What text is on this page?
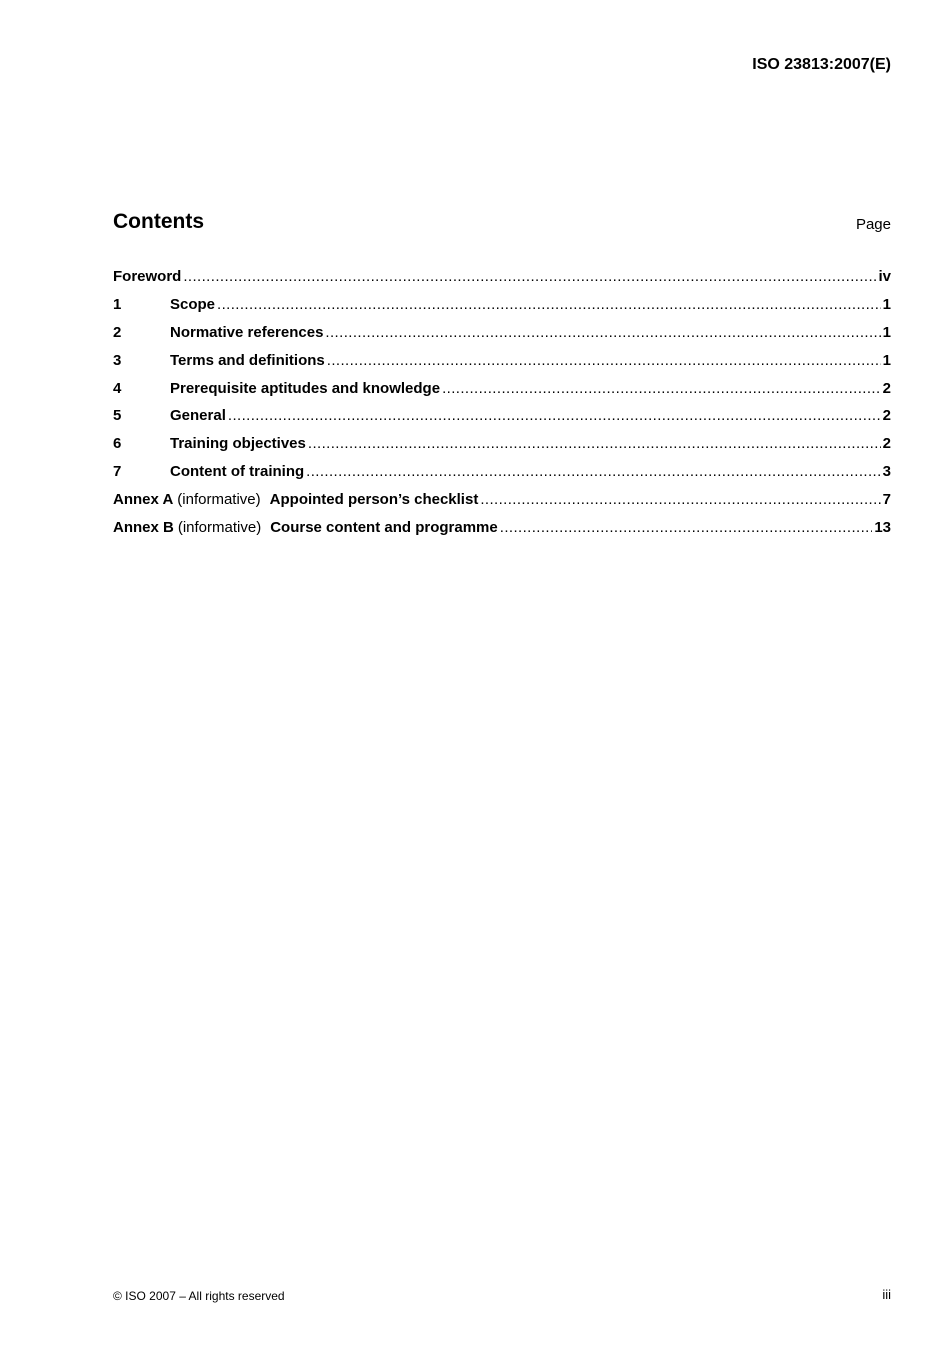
ISO 23813:2007(E)
Contents	Page
Foreword .....	iv
1	Scope .....	1
2	Normative references .....	1
3	Terms and definitions .....	1
4	Prerequisite aptitudes and knowledge .....	2
5	General .....	2
6	Training objectives .....	2
7	Content of training .....	3
Annex A (informative) Appointed person’s checklist .....	7
Annex B (informative) Course content and programme .....	13
© ISO 2007 – All rights reserved	iii
